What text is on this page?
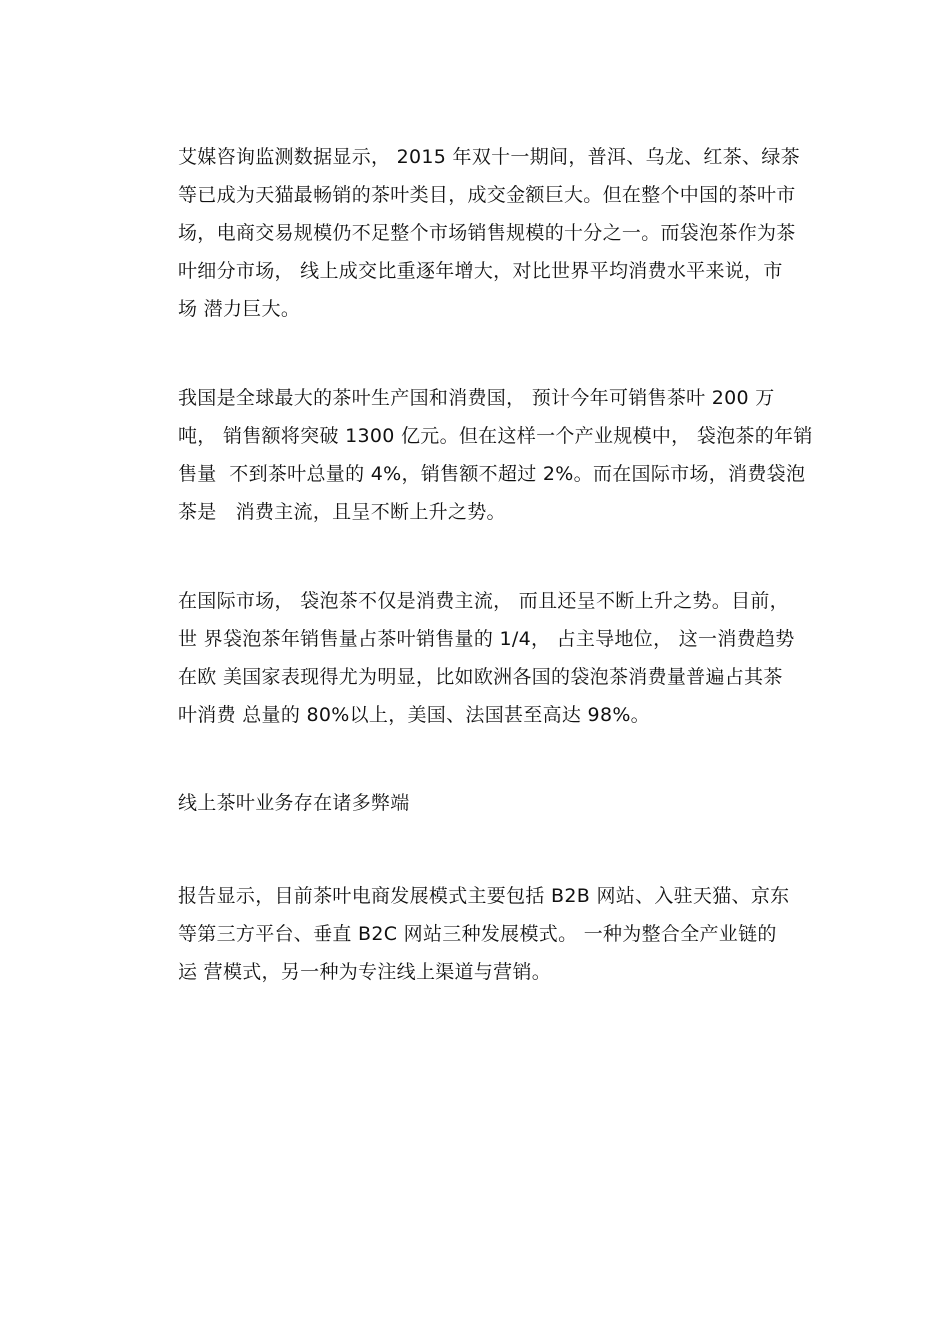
艾媒咨询监测数据显示， 2015 年双十一期间，普洱、乌龙、红茶、绿茶
等已成为天猫最畅销的茶叶类目，成交金额巨大。但在整个中国的茶叶市
场，电商交易规模仍不足整个市场销售规模的十分之一。而袋泡茶作为茶
叶细分市场， 线上成交比重逐年增大，对比世界平均消费水平来说，市
场 潜力巨大。
我国是全球最大的茶叶生产国和消费国， 预计今年可销售茶叶 200 万
吨， 销售额将突破 1300 亿元。但在这样一个产业规模中， 袋泡茶的年销
售量  不到茶叶总量的 4%，销售额不超过 2%。而在国际市场，消费袋泡
茶是   消费主流，且呈不断上升之势。
在国际市场， 袋泡茶不仅是消费主流， 而且还呈不断上升之势。目前，
世 界袋泡茶年销售量占茶叶销售量的 1/4， 占主导地位， 这一消费趋势
在欧 美国家表现得尤为明显，比如欧洲各国的袋泡茶消费量普遍占其茶
叶消费 总量的 80%以上，美国、法国甚至高达 98%。
线上茶叶业务存在诸多弊端
报告显示，目前茶叶电商发展模式主要包括 B2B 网站、入驻天猫、京东
等第三方平台、垂直 B2C 网站三种发展模式。 一种为整合全产业链的
运 营模式，另一种为专注线上渠道与营销。
